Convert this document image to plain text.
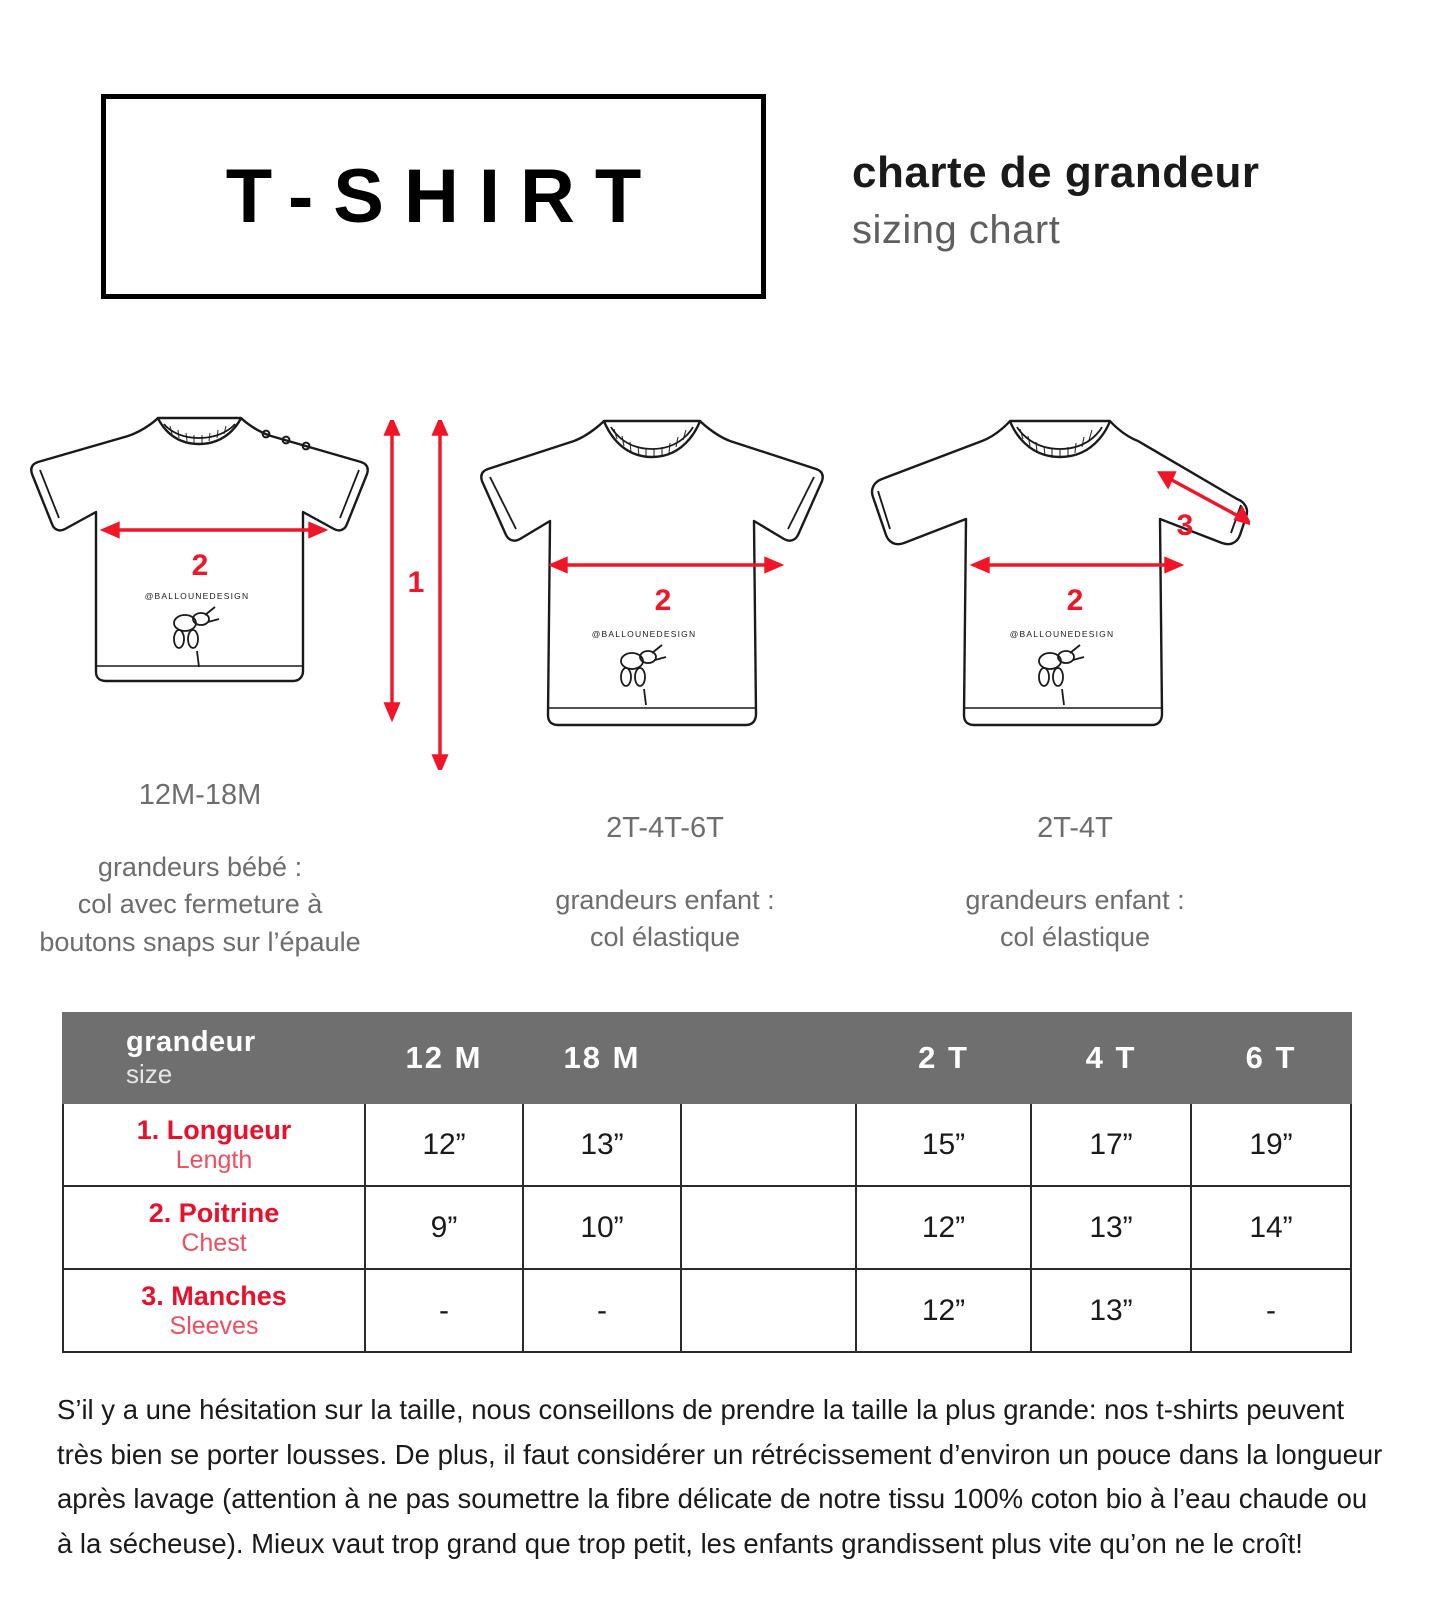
T-SHIRT	charte de grandeur
sizing chart
@BALLOUNEDESIGN
2
1
@BALLOUNEDESIGN
2
@BALLOUNEDESIGN
2
3
12M-18M
grandeurs bébé :
col avec fermeture à
boutons snaps sur l’épaule
2T-4T-6T
grandeurs enfant :
col élastique
2T-4T
grandeurs enfant :
col élastique
grandeur
size	12 M	18 M		2 T	4 T	6 T

1. Longueur
Length	12”	13”		15”	17”	19”

2. Poitrine
Chest	9”	10”		12”	13”	14”

3. Manches
Sleeves	-	-		12”	13”	-
S’il y a une hésitation sur la taille, nous conseillons de prendre la taille la plus grande: nos t-shirts peuvent très bien se porter lousses. De plus, il faut considérer un rétrécissement d’environ un pouce dans la longueur après lavage (attention à ne pas soumettre la fibre délicate de notre tissu 100% coton bio à l’eau chaude ou à la sécheuse). Mieux vaut trop grand que trop petit, les enfants grandissent plus vite qu’on ne le croît!
